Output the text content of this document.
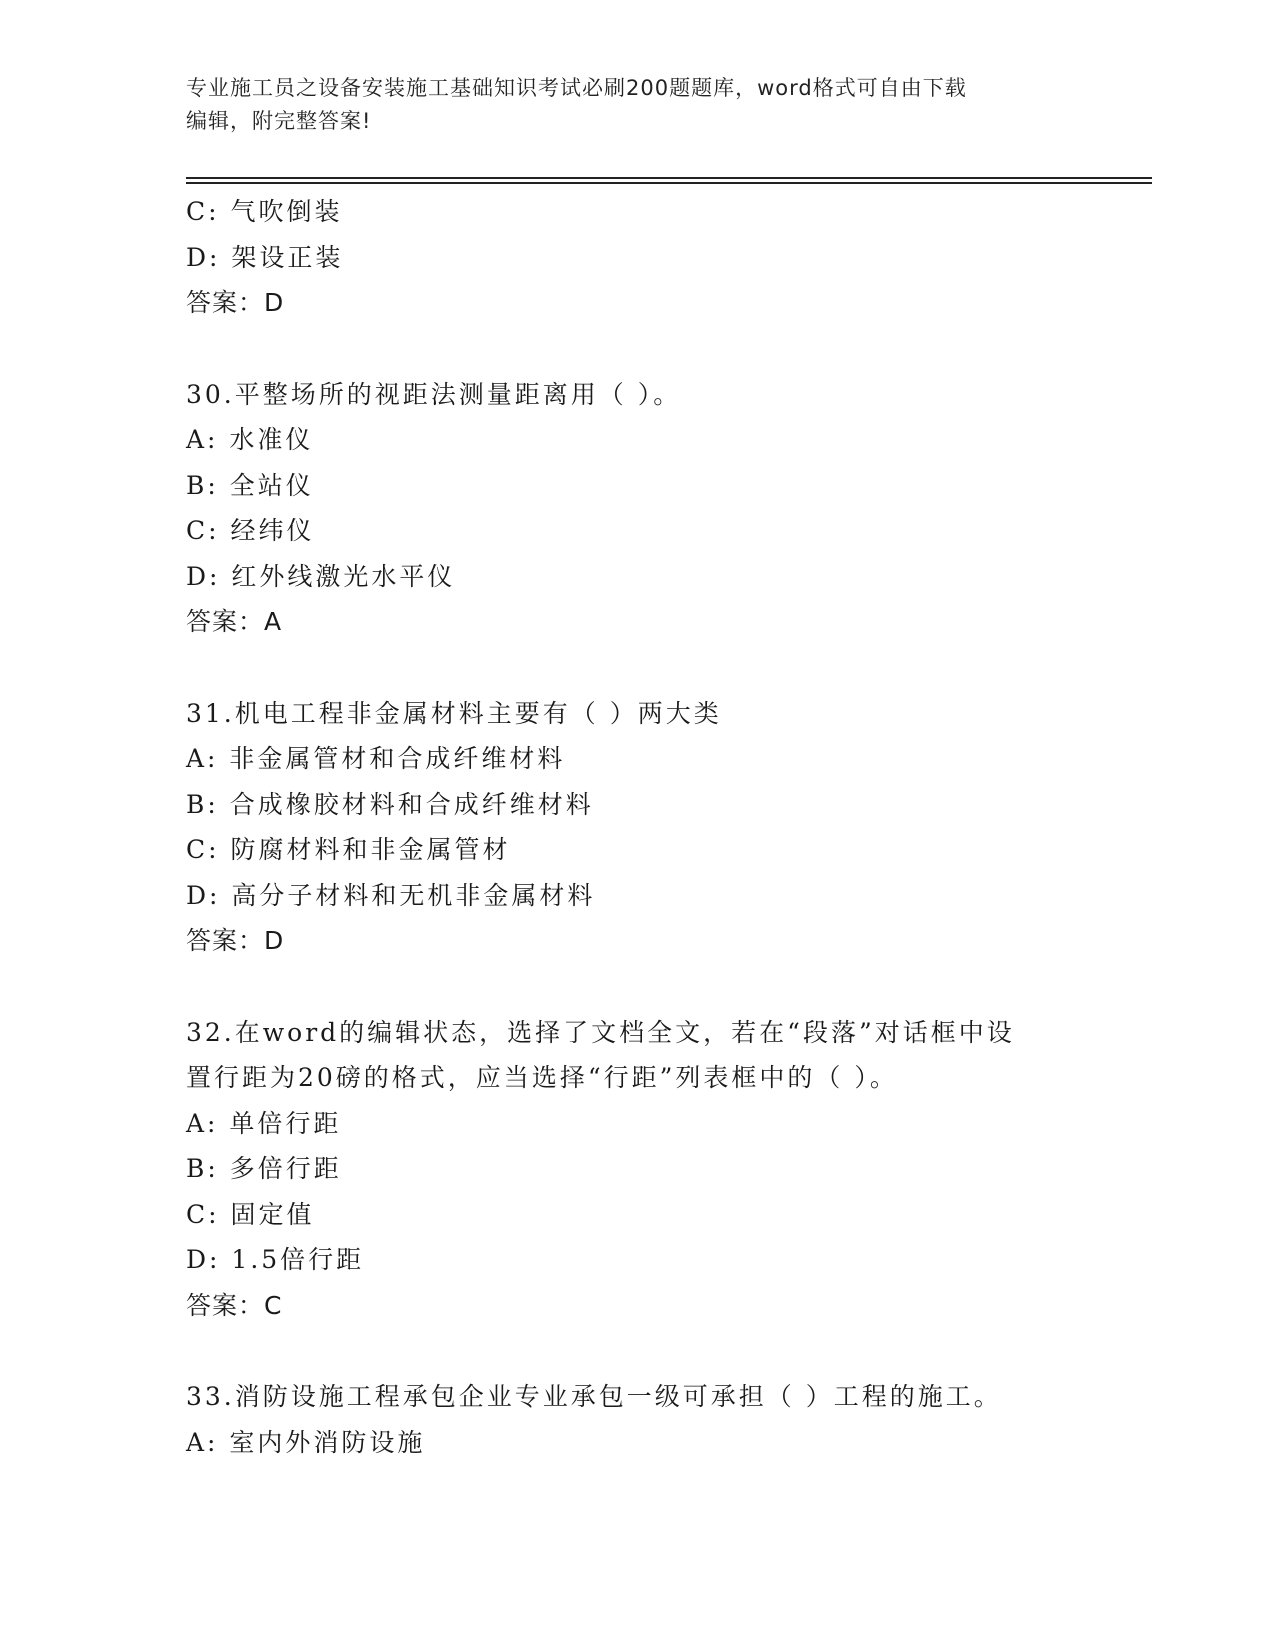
专业施工员之设备安装施工基础知识考试必刷200题题库，word格式可自由下载
编辑，附完整答案!
C: 气吹倒装
D: 架设正装
答案：D
30.平整场所的视距法测量距离用（ ）。
A: 水准仪
B: 全站仪
C: 经纬仪
D: 红外线激光水平仪
答案：A
31.机电工程非金属材料主要有（ ）两大类
A: 非金属管材和合成纤维材料
B: 合成橡胶材料和合成纤维材料
C: 防腐材料和非金属管材
D: 高分子材料和无机非金属材料
答案：D
32.在word的编辑状态，选择了文档全文，若在“段落”对话框中设
置行距为20磅的格式，应当选择“行距”列表框中的（ ）。
A: 单倍行距
B: 多倍行距
C: 固定值
D: 1.5倍行距
答案：C
33.消防设施工程承包企业专业承包一级可承担（ ）工程的施工。
A: 室内外消防设施
